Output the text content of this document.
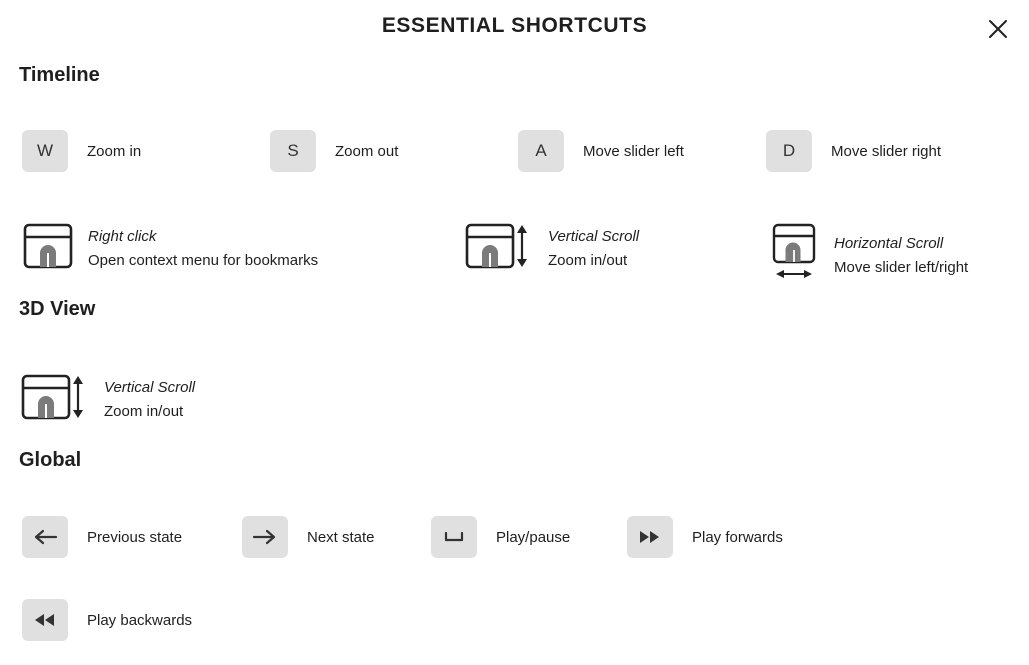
ESSENTIAL SHORTCUTS
Timeline
W	Zoom in	S	Zoom out	A	Move slider left	D	Move slider right
Right click
Open context menu for bookmarks
Vertical Scroll
Zoom in/out
Horizontal Scroll
Move slider left/right
3D View
Vertical Scroll
Zoom in/out
Global
Previous state	Next state	Play/pause	Play forwards
Play backwards
